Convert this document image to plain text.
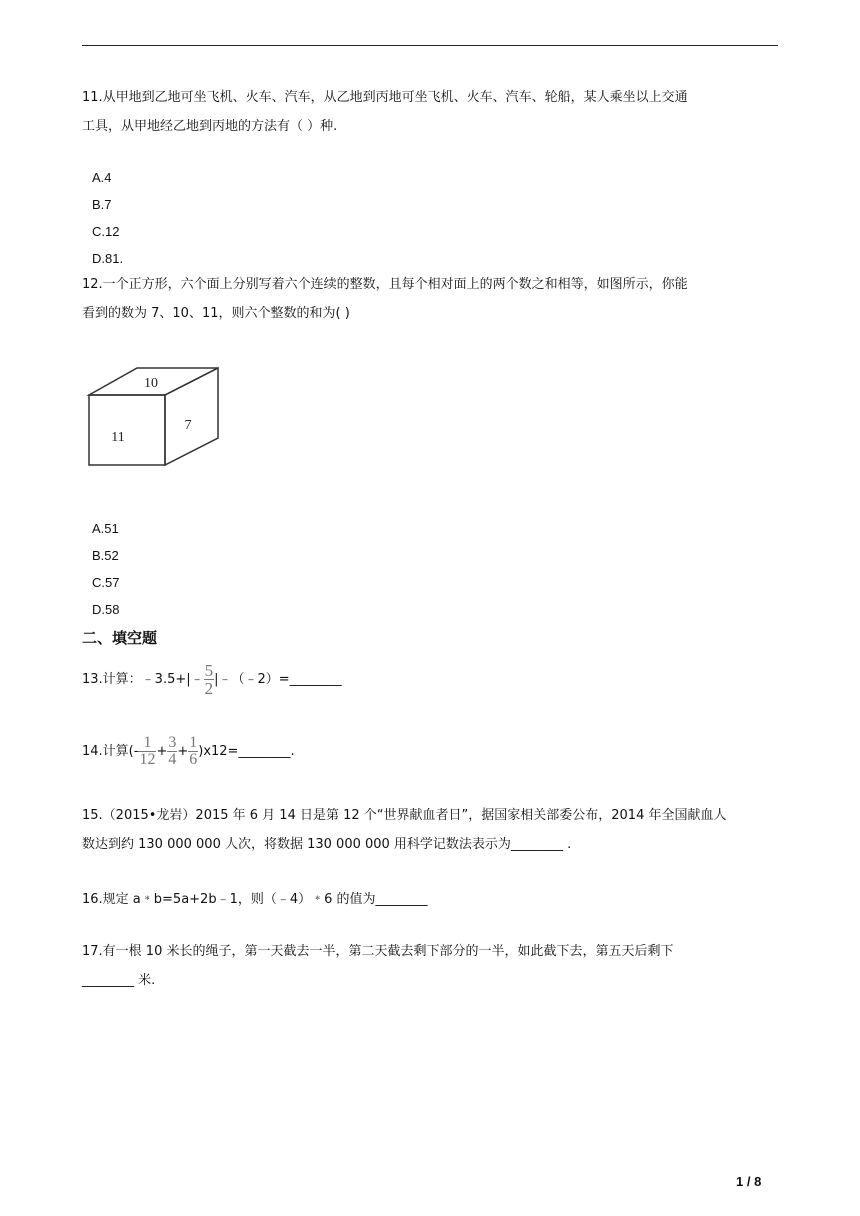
11.从甲地到乙地可坐飞机、火车、汽车，从乙地到丙地可坐飞机、火车、汽车、轮船，某人乘坐以上交通
工具，从甲地经乙地到丙地的方法有（ ）种.
A.4
B.7
C.12
D.81.
12.一个正方形，六个面上分别写着六个连续的整数，且每个相对面上的两个数之和相等，如图所示，你能
看到的数为 7、10、11，则六个整数的和为( )
10
11
7
A.51
B.52
C.57
D.58
二、填空题
13.计算：﹣3.5+|﹣ $\frac{5}{2}$ |﹣（﹣2）=________
14.计算(- $\frac{1}{12} + \frac{3}{4} + \frac{1}{6}$ )x12=________.
15.（2015•龙岩）2015 年 6 月 14 日是第 12 个“世界献血者日”，据国家相关部委公布，2014 年全国献血人
数达到约 130 000 000 人次，将数据 130 000 000 用科学记数法表示为________ .
16.规定 a﹡b=5a+2b﹣1，则（﹣4）﹡6 的值为________
17.有一根 10 米长的绳子，第一天截去一半，第二天截去剩下部分的一半，如此截下去，第五天后剩下
________ 米.
1 / 8
